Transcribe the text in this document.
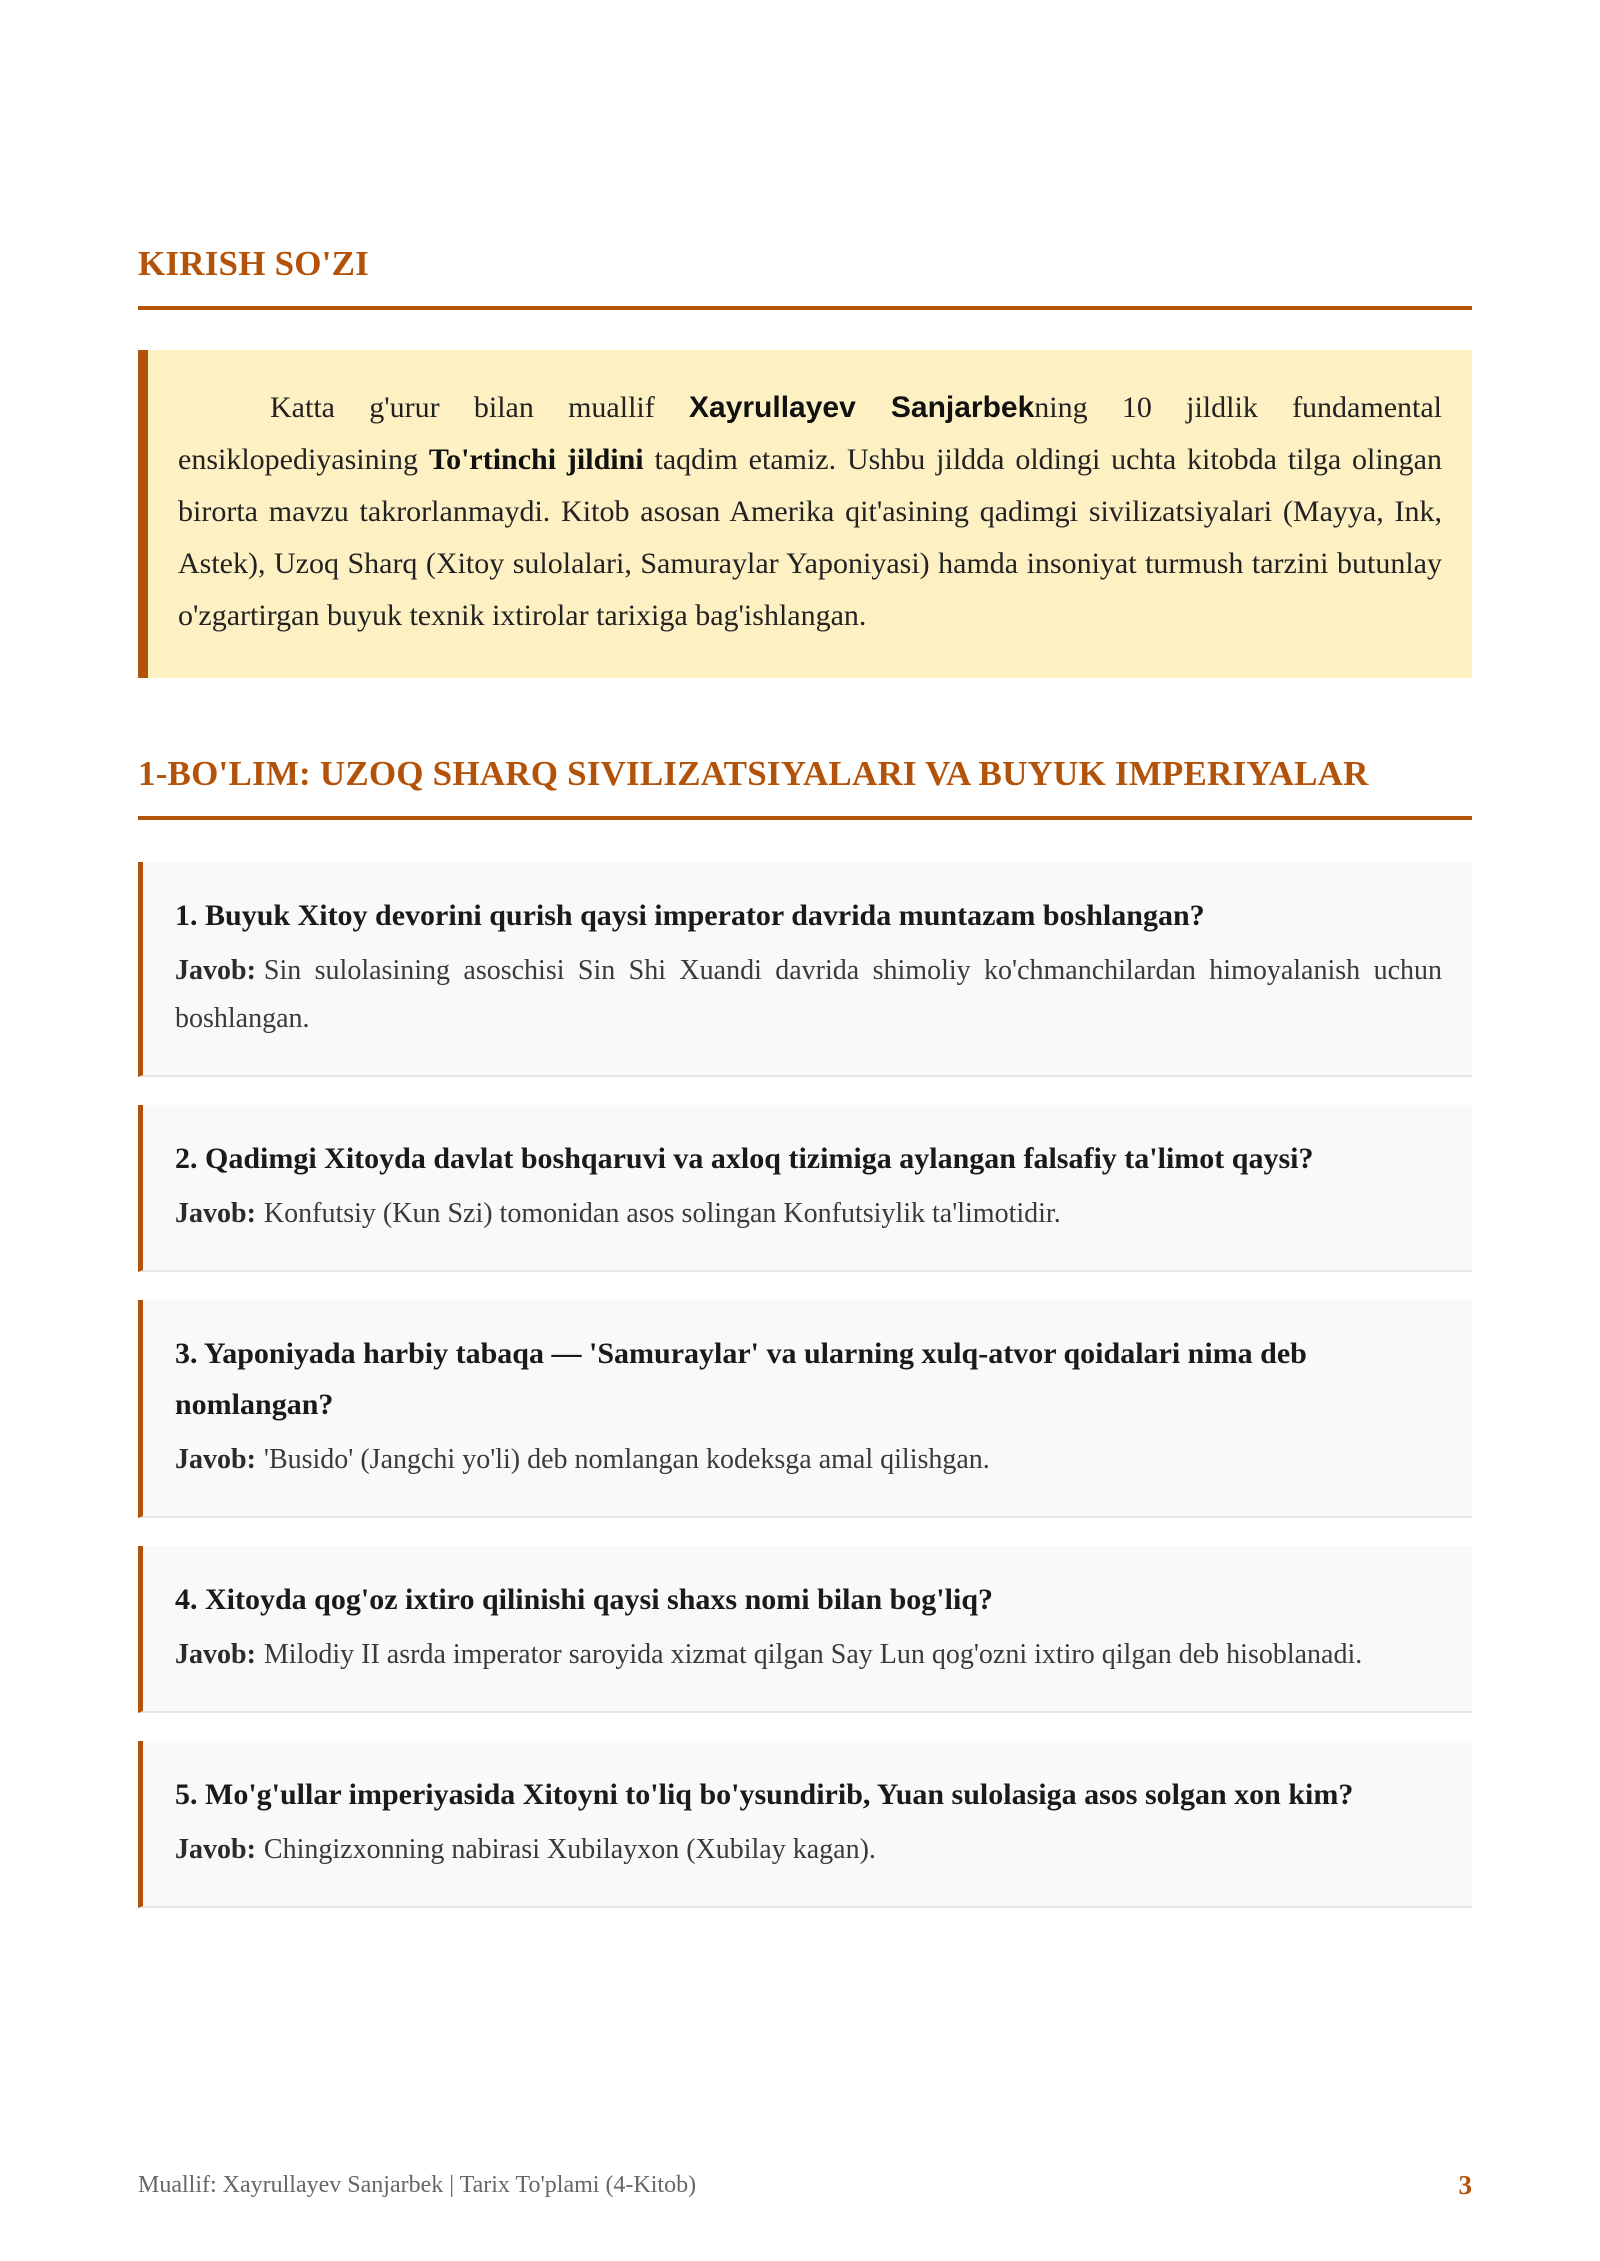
KIRISH SO'ZI

Katta g'urur bilan muallif Xayrullayev Sanjarbekning 10 jildlik fundamental ensiklopediyasining To'rtinchi jildini taqdim etamiz. Ushbu jildda oldingi uchta kitobda tilga olingan birorta mavzu takrorlanmaydi. Kitob asosan Amerika qit'asining qadimgi sivilizatsiyalari (Mayya, Ink, Astek), Uzoq Sharq (Xitoy sulolalari, Samuraylar Yaponiyasi) hamda insoniyat turmush tarzini butunlay o'zgartirgan buyuk texnik ixtirolar tarixiga bag'ishlangan.

1-BO'LIM: UZOQ SHARQ SIVILIZATSIYALARI VA BUYUK IMPERIYALAR

1. Buyuk Xitoy devorini qurish qaysi imperator davrida muntazam boshlangan?

Javob: Sin sulolasining asoschisi Sin Shi Xuandi davrida shimoliy ko'chmanchilardan himoyalanish uchun boshlangan.

2. Qadimgi Xitoyda davlat boshqaruvi va axloq tizimiga aylangan falsafiy ta'limot qaysi?

Javob: Konfutsiy (Kun Szi) tomonidan asos solingan Konfutsiylik ta'limotidir.

3. Yaponiyada harbiy tabaqa — 'Samuraylar' va ularning xulq-atvor qoidalari nima deb nomlangan?

Javob: 'Busido' (Jangchi yo'li) deb nomlangan kodeksga amal qilishgan.

4. Xitoyda qog'oz ixtiro qilinishi qaysi shaxs nomi bilan bog'liq?

Javob: Milodiy II asrda imperator saroyida xizmat qilgan Say Lun qog'ozni ixtiro qilgan deb hisoblanadi.

5. Mo'g'ullar imperiyasida Xitoyni to'liq bo'ysundirib, Yuan sulolasiga asos solgan xon kim?

Javob: Chingizxonning nabirasi Xubilayxon (Xubilay kagan).

Muallif: Xayrullayev Sanjarbek | Tarix To'plami (4-Kitob)	3
